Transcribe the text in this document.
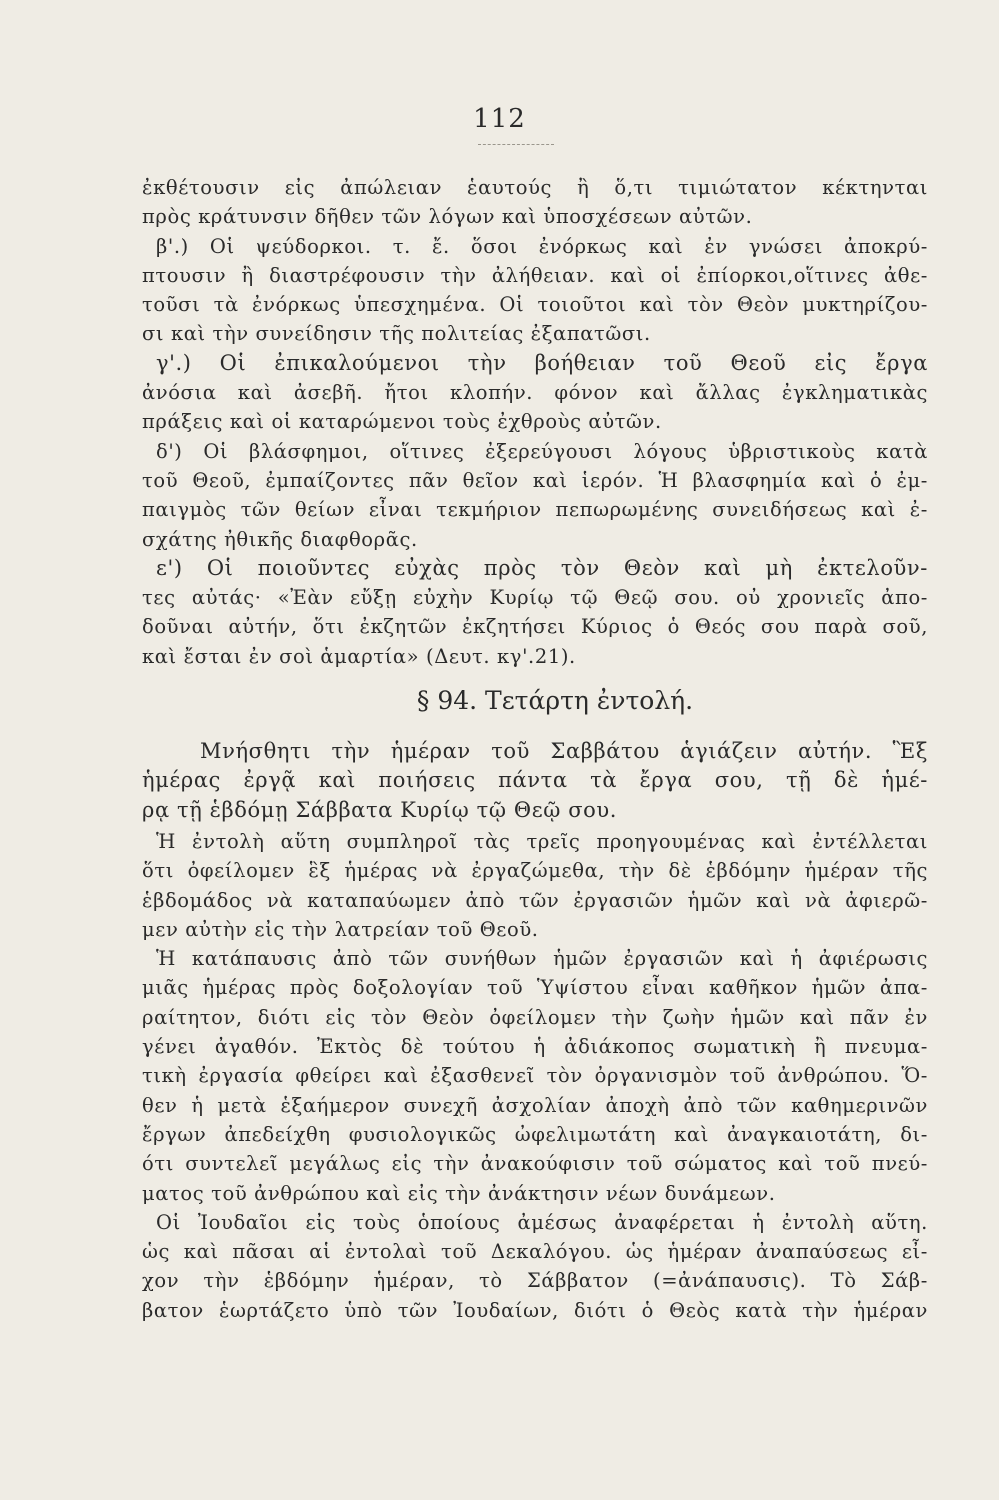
112
ἐκθέτουσιν εἰς ἀπώλειαν ἑαυτούς ἢ ὅ,τι τιμιώτατον κέκτηνται
πρὸς κράτυνσιν δῆθεν τῶν λόγων καὶ ὑποσχέσεων αὐτῶν.
β'.) Οἱ ψεύδορκοι. τ. ἔ. ὅσοι ἐνόρκως καὶ ἐν γνώσει ἀποκρύ-
πτουσιν ἢ διαστρέφουσιν τὴν ἀλήθειαν. καὶ οἱ ἐπίορκοι,οἵτινες ἀθε-
τοῦσι τὰ ἐνόρκως ὑπεσχημένα. Οἱ τοιοῦτοι καὶ τὸν Θεὸν μυκτηρίζου-
σι καὶ τὴν συνείδησιν τῆς πολιτείας ἐξαπατῶσι.
γ'.) Οἱ ἐπικαλούμενοι τὴν βοήθειαν τοῦ Θεοῦ εἰς ἔργα
ἀνόσια καὶ ἀσεβῆ. ἤτοι κλοπήν. φόνον καὶ ἄλλας ἐγκληματικὰς
πράξεις καὶ οἱ καταρώμενοι τοὺς ἐχθροὺς αὐτῶν.
δ') Οἱ βλάσφημοι, οἵτινες ἐξερεύγουσι λόγους ὑβριστικοὺς κατὰ
τοῦ Θεοῦ, ἐμπαίζοντες πᾶν θεῖον καὶ ἱερόν. Ἡ βλασφημία καὶ ὁ ἐμ-
παιγμὸς τῶν θείων εἶναι τεκμήριον πεπωρωμένης συνειδήσεως καὶ ἐ-
σχάτης ἠθικῆς διαφθορᾶς.
ε') Οἱ ποιοῦντες εὐχὰς πρὸς τὸν Θεὸν καὶ μὴ ἐκτελοῦν-
τες αὐτάς· «Ἐὰν εὔξῃ εὐχὴν Κυρίῳ τῷ Θεῷ σου. οὐ χρονιεῖς ἀπο-
δοῦναι αὐτήν, ὅτι ἐκζητῶν ἐκζητήσει Κύριος ὁ Θεός σου παρὰ σοῦ,
καὶ ἔσται ἐν σοὶ ἁμαρτία» (Δευτ. κγ'.21).
§ 94. Τετάρτη ἐντολή.
Μνήσθητι τὴν ἡμέραν τοῦ Σαββάτου ἁγιάζειν αὐτήν. Ἓξ
ἡμέρας ἐργᾷ καὶ ποιήσεις πάντα τὰ ἔργα σου, τῇ δὲ ἡμέ-
ρᾳ τῇ ἑβδόμῃ Σάββατα Κυρίῳ τῷ Θεῷ σου.
Ἡ ἐντολὴ αὕτη συμπληροῖ τὰς τρεῖς προηγουμένας καὶ ἐντέλλεται
ὅτι ὀφείλομεν ἓξ ἡμέρας νὰ ἐργαζώμεθα, τὴν δὲ ἑβδόμην ἡμέραν τῆς
ἑβδομάδος νὰ καταπαύωμεν ἀπὸ τῶν ἐργασιῶν ἡμῶν καὶ νὰ ἀφιερῶ-
μεν αὐτὴν εἰς τὴν λατρείαν τοῦ Θεοῦ.
Ἡ κατάπαυσις ἀπὸ τῶν συνήθων ἡμῶν ἐργασιῶν καὶ ἡ ἀφιέρωσις
μιᾶς ἡμέρας πρὸς δοξολογίαν τοῦ Ὑψίστου εἶναι καθῆκον ἡμῶν ἀπα-
ραίτητον, διότι εἰς τὸν Θεὸν ὀφείλομεν τὴν ζωὴν ἡμῶν καὶ πᾶν ἐν
γένει ἀγαθόν. Ἐκτὸς δὲ τούτου ἡ ἀδιάκοπος σωματικὴ ἢ πνευμα-
τικὴ ἐργασία φθείρει καὶ ἐξασθενεῖ τὸν ὀργανισμὸν τοῦ ἀνθρώπου. Ὅ-
θεν ἡ μετὰ ἑξαήμερον συνεχῆ ἀσχολίαν ἀποχὴ ἀπὸ τῶν καθημερινῶν
ἔργων ἀπεδείχθη φυσιολογικῶς ὠφελιμωτάτη καὶ ἀναγκαιοτάτη, δι-
ότι συντελεῖ μεγάλως εἰς τὴν ἀνακούφισιν τοῦ σώματος καὶ τοῦ πνεύ-
ματος τοῦ ἀνθρώπου καὶ εἰς τὴν ἀνάκτησιν νέων δυνάμεων.
Οἱ Ἰουδαῖοι εἰς τοὺς ὁποίους ἀμέσως ἀναφέρεται ἡ ἐντολὴ αὕτη.
ὡς καὶ πᾶσαι αἱ ἐντολαὶ τοῦ Δεκαλόγου. ὡς ἡμέραν ἀναπαύσεως εἶ-
χον τὴν ἑβδόμην ἡμέραν, τὸ Σάββατον (=ἀνάπαυσις). Τὸ Σάβ-
βατον ἑωρτάζετο ὑπὸ τῶν Ἰουδαίων, διότι ὁ Θεὸς κατὰ τὴν ἡμέραν
